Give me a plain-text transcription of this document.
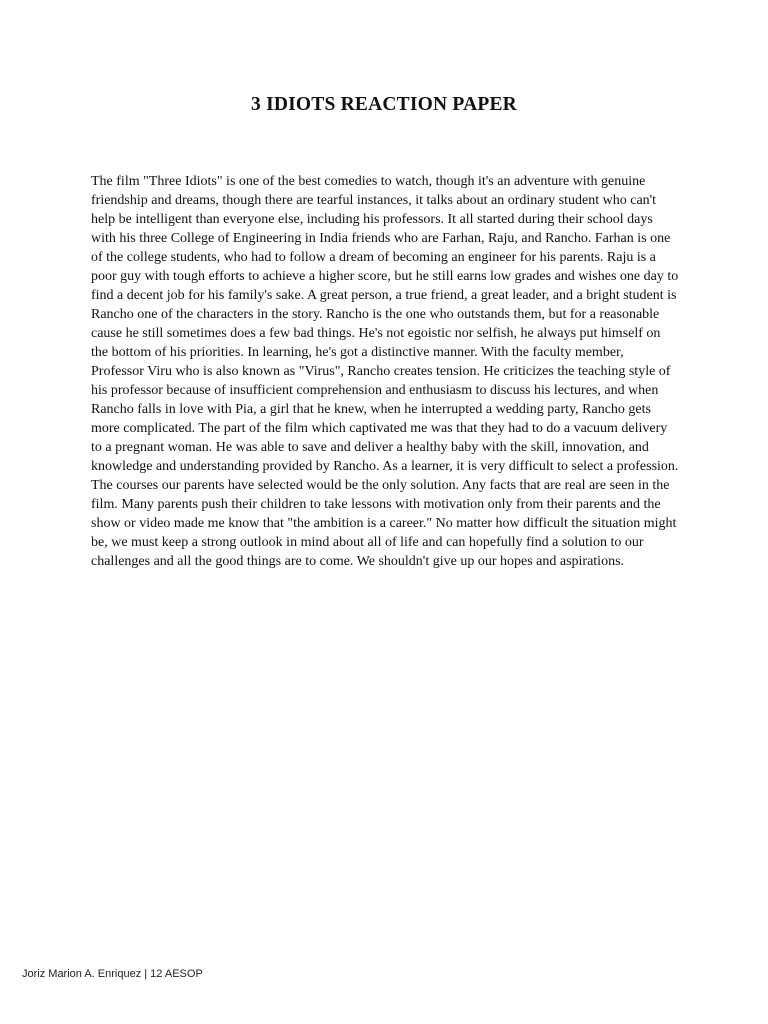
3 IDIOTS REACTION PAPER

The film "Three Idiots" is one of the best comedies to watch, though it's an adventure with genuine friendship and dreams, though there are tearful instances, it talks about an ordinary student who can't help be intelligent than everyone else, including his professors. It all started during their school days with his three College of Engineering in India friends who are Farhan, Raju, and Rancho. Farhan is one of the college students, who had to follow a dream of becoming an engineer for his parents. Raju is a poor guy with tough efforts to achieve a higher score, but he still earns low grades and wishes one day to find a decent job for his family's sake. A great person, a true friend, a great leader, and a bright student is Rancho one of the characters in the story. Rancho is the one who outstands them, but for a reasonable cause he still sometimes does a few bad things. He's not egoistic nor selfish, he always put himself on the bottom of his priorities. In learning, he's got a distinctive manner. With the faculty member, Professor Viru who is also known as "Virus", Rancho creates tension. He criticizes the teaching style of his professor because of insufficient comprehension and enthusiasm to discuss his lectures, and when Rancho falls in love with Pia, a girl that he knew, when he interrupted a wedding party, Rancho gets more complicated. The part of the film which captivated me was that they had to do a vacuum delivery to a pregnant woman. He was able to save and deliver a healthy baby with the skill, innovation, and knowledge and understanding provided by Rancho. As a learner, it is very difficult to select a profession. The courses our parents have selected would be the only solution. Any facts that are real are seen in the film. Many parents push their children to take lessons with motivation only from their parents and the show or video made me know that "the ambition is a career." No matter how difficult the situation might be, we must keep a strong outlook in mind about all of life and can hopefully find a solution to our challenges and all the good things are to come. We shouldn't give up our hopes and aspirations.

Joriz Marion A. Enriquez | 12 AESOP
